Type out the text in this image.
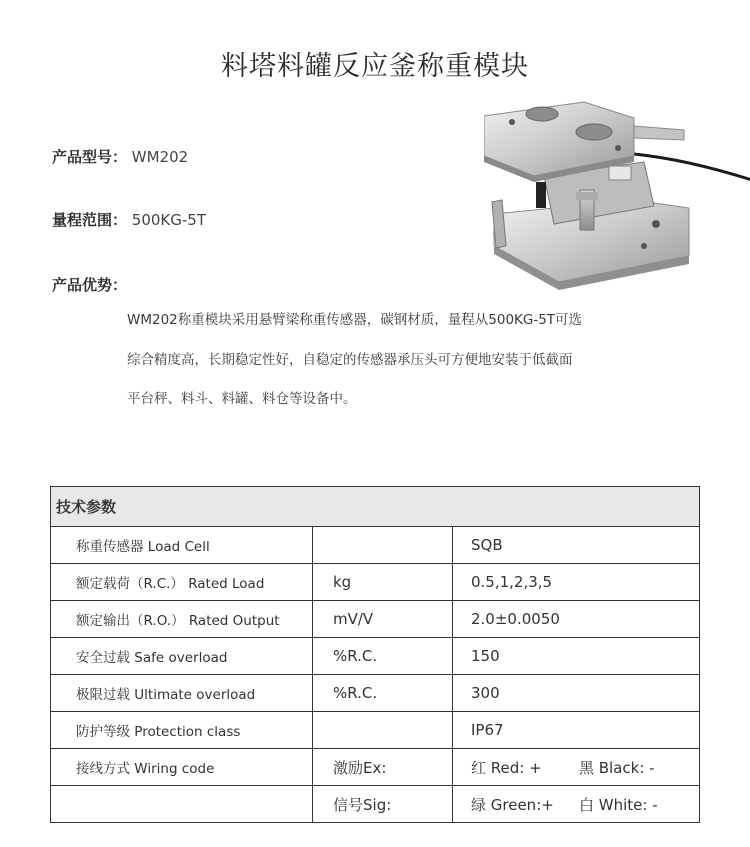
料塔料罐反应釜称重模块
产品型号： WM202
量程范围： 500KG-5T
产品优势：

WM202称重模块采用悬臂梁称重传感器，碳钢材质，量程从500KG-5T可选

综合精度高，长期稳定性好，自稳定的传感器承压头可方便地安装于低截面

平台秤、料斗、料罐、料仓等设备中。

技术参数		
称重传感器 Load Cell		SQB
额定载荷（R.C.） Rated Load	kg	0.5,1,2,3,5
额定输出（R.O.） Rated Output	mV/V	2.0±0.0050
安全过载 Safe overload	%R.C.	150
极限过载 Ultimate overload	%R.C.	300
防护等级 Protection class		IP67
接线方式 Wiring code	激励Ex:	红 Red: + 黑 Black: -
	信号Sig:	绿 Green:+ 白 White: -
